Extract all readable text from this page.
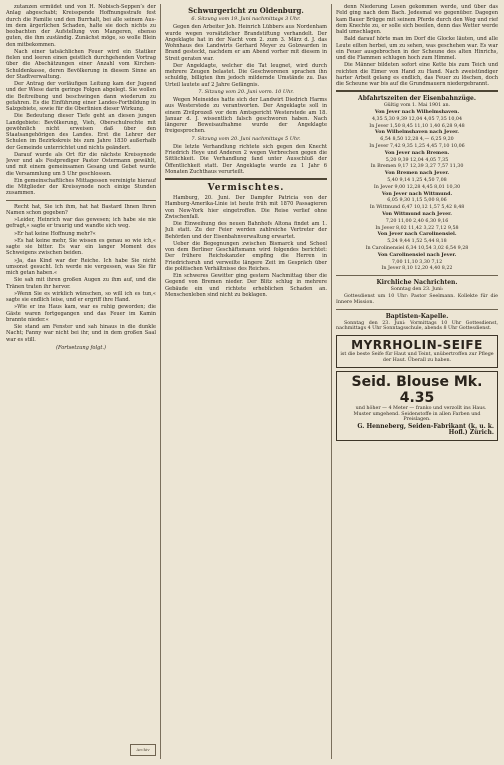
zutanzen ermüdet und von H. Nobisch-Seppen’s der Anlag abgeschabt; Kreisspende Hoffnungsstrafe fest durch die Familie und den Burrhalt, bei alle seinem Aus- im dem ärgerlichen Schaden, halte sie doch nichts zu beobachten der Aufstellung von Mangeren, ebenso guten, die ihm zuständig. Zunächst möge, so wolle Blein den mitbekommen.

Nach einer tatsächlichen Feuer wird ein Statiker fielen und leeren einen geistlich durchgehenden Vortrag über die Abschätzungen einer Anzahl vom Kirchen-Schuldenkasse, deren Bevölkerung in diesem Sinne an der Stadtverwaltung.

Der Antrag der vorläufigen Leitung kam der Jugend und der Wiese darin geringe Folgen abgelegt. Sie wollen die Beitreibung und beschwingen dann wiederum zu gefahren. Es die Einführung einer Landes-Fortbildung in Salzgebiete, sowie für die Oberlinien dieser Wirkung.

Die Bedeutung dieser Tiefe geht an diesen jungen Landgebiete: Bevölkerung, Vieh, Oberschulrechte mit gewöhnlich nicht erweisen daß über den Staatsangehörigen des Landes. Erst die Lehrer der Schulen im Bezirkskreis bis zum Jahre 1830 außerhalb der Gemeinde unterrichtet und nichts geändert.

Darauf wurde als Ort für die nächste Kreissynode Jever und als Festprediger Pastor Ostermann gewählt, und mit einem gemeinsamen Gesang und Gebet wurde die Versammlung um 5 Uhr geschlossen.

Ein gemeinschaftliches Mittagessen vereinigte hierauf die Mitglieder der Kreissynode noch einige Stunden zusammen.

Recht hat, Sie ich ihm, hat hat Bastard Ihnen Ihren Namen schon gegeben?

»Leider, Heinrich war das gewesen; ich habe sie nie gefragt,« sagte er traurig und wandte sich weg.

»Er hat keine Hoffnung mehr?«

»Es hat keine mehr, Sie wissen es genau so wie ich,« sagte sie bitter. Es war ein langer Moment des Schweigens zwischen beiden.

»Ja, das Kind war der Reiche. Ich habe Sie nicht umsonst gesucht. Ich werde nie vergessen, was Sie für mich getan haben.«

Sie sah mit ihren großen Augen zu ihm auf, und die Tränen traten ihr hervor.

»Wenn Sie es wirklich wünschen, so will ich es tun,« sagte sie endlich leise, und er ergriff ihre Hand.

»Wie er ins Haus kam, war es ruhig geworden; die Gäste waren fortgegangen und das Feuer im Kamin brannte nieder.«

Sie stand am Fenster und sah hinaus in die dunkle Nacht; Fanny war nicht bei ihr, und in dem großen Saal war es still.

(Fortsetzung folgt.)

Schwurgericht zu Oldenburg.

6. Sitzung vom 19. Juni nachmittags 3 Uhr.

Gegen den Arbeiter Joh. Heinrich Lübbers aus Nordenham wurde wegen vorsätzlicher Brandstiftung verhandelt. Der Angeklagte hat in der Nacht vom 2. zum 3. März d. J. das Wohnhaus des Landwirts Gerhard Meyer zu Golzwarden in Brand gesteckt, nachdem er am Abend vorher mit diesem in Streit geraten war.

Der Angeklagte, welcher die Tat leugnet, wird durch mehrere Zeugen belastet. Die Geschworenen sprachen ihn schuldig, billigten ihm jedoch mildernde Umstände zu. Das Urteil lautete auf 2 Jahre Gefängnis.

7. Sitzung vom 20. Juni vorm. 10 Uhr.

Wegen Meineides hatte sich der Landwirt Diedrich Harms aus Westerstede zu verantworten. Der Angeklagte soll in einem Zivilprozeß vor dem Amtsgericht Westerstede am 18. Januar d. J. wissentlich falsch geschworen haben. Nach längerer Beweisaufnahme wurde der Angeklagte freigesprochen.

7. Sitzung vom 20. Juni nachmittags 5 Uhr.

Die letzte Verhandlung richtete sich gegen den Knecht Friedrich Heye und Anderen 2 wegen Verbrechen gegen die Sittlichkeit. Die Verhandlung fand unter Ausschluß der Öffentlichkeit statt. Der Angeklagte wurde zu 1 Jahr 6 Monaten Zuchthaus verurteilt.

Vermischtes.

Hamburg, 20. Juni. Der Dampfer Patricia von der Hamburg-Amerika-Linie ist heute früh mit 1870 Passagieren von New-York hier eingetroffen. Die Reise verlief ohne Zwischenfall.

Die Einweihung des neuen Bahnhofs Altona findet am 1. Juli statt. Zu der Feier werden zahlreiche Vertreter der Behörden und der Eisenbahnverwaltung erwartet.

Ueber die Begegnungen zwischen Bismarck und Scheel von dem Berliner Geschäftsmann wird folgendes berichtet: Der frühere Reichskanzler empfing die Herren in Friedrichsruh und verweilte längere Zeit im Gespräch über die politischen Verhältnisse des Reiches.

Ein schweres Gewitter ging gestern Nachmittag über die Gegend von Bremen nieder. Der Blitz schlug in mehrere Gebäude ein und richtete erheblichen Schaden an. Menschenleben sind nicht zu beklagen.

denn Niederung Lesen gekommen werde, und über das Feld ging nach dem Bach. Jedesmal wo gegenüber. Dagegen kam Bauer Brügge mit seinem Pferde durch den Weg und rief dem Knechte zu, er solle sich beeilen, denn das Wetter werde bald umschlagen.

Bald darauf hörte man im Dorf die Glocke läuten, und alle Leute eilten herbei, um zu sehen, was geschehen war. Es war ein Feuer ausgebrochen in der Scheune des alten Hinrichs, und die Flammen schlugen hoch zum Himmel.

Die Männer bildeten sofort eine Kette bis zum Teich und reichten die Eimer von Hand zu Hand. Nach zweistündiger harter Arbeit gelang es endlich, das Feuer zu löschen, doch die Scheune war bis auf die Grundmauern niedergebrannt.

Abfahrtszeiten der Eisenbahnzüge.

Gültig vom 1. Mai 1901 an.

Von Jever nach Wilhelmshaven.

4,35 5,30 9,39 12,04 4,05 7,35 10,04

In Jever 1,50 8,45 11,10 1,40 6,28 9,48

Von Wilhelmshaven nach Jever.

6,54 8,50 12,28 4,— 6,25 9,20

In Jever 7,42 9,35 1,25 4,45 7,10 10,06

Von Jever nach Bremen.

5,20 9,39 12,04 4,05 7,35

In Bremen 9,17 12,39 3,27 7,57 11,30

Von Bremen nach Jever.

5,40 9,14 1,25 4,50 7,08

In Jever 9,00 12,28 4,45 8,01 10,30

Von Jever nach Wittmund.

6,05 9,30 1,15 5,00 8,06

In Wittmund 6,47 10,12 1,57 5,42 8,48

Von Wittmund nach Jever.

7,20 11,00 2,40 6,30 9,16

In Jever 8,02 11,42 3,22 7,12 9,58

Von Jever nach Carolinensiel.

5,24 9,44 1,52 5,44 8,18

In Carolinensiel 6,34 10,54 3,02 6,54 9,28

Von Carolinensiel nach Jever.

7,00 11,10 3,30 7,12

In Jever 8,10 12,20 4,40 8,22

Kirchliche Nachrichten.

Sonntag den 23. Juni:

Gottesdienst um 10 Uhr: Pastor Seelmann. Kollekte für die Innere Mission.

Baptisten-Kapelle.

Sonntag den 23. Juni: Vormittags 10 Uhr Gottesdienst, nachmittags 4 Uhr Sonntagsschule, abends 8 Uhr Gottesdienst.

MYRRHOLIN-SEIFE

ist die beste Seife für Haut und Teint, unübertroffen zur Pflege der Haut. Überall zu haben.

Seid. Blouse Mk. 4.35

und höher — 4 Meter — franko und verzollt ins Haus. Muster umgehend. Seidenstoffe in allen Farben und Preislagen.

G. Henneberg, Seiden-Fabrikant (k. u. k. Hofl.) Zürich.

Archiv
